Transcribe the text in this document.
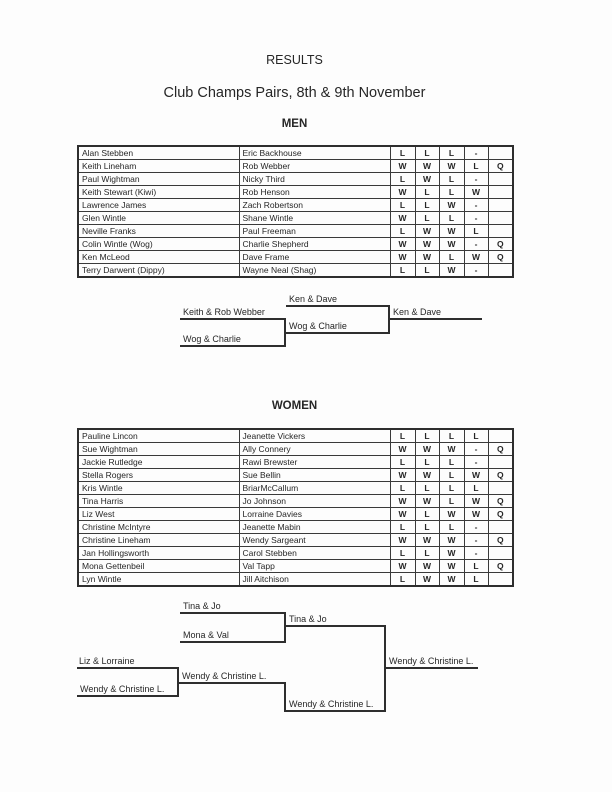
RESULTS
Club Champs Pairs, 8th & 9th November
MEN
Alan Stebben	Eric Backhouse	L	L	L	-	
Keith Lineham	Rob Webber	W	W	W	L	Q
Paul Wightman	Nicky Third	L	W	L	-	
Keith Stewart (Kiwi)	Rob Henson	W	L	L	W	
Lawrence James	Zach Robertson	L	L	W	-	
Glen Wintle	Shane Wintle	W	L	L	-	
Neville Franks	Paul Freeman	L	W	W	L	
Colin Wintle (Wog)	Charlie Shepherd	W	W	W	-	Q
Ken McLeod	Dave Frame	W	W	L	W	Q
Terry Darwent (Dippy)	Wayne Neal (Shag)	L	L	W	-	
Ken & Dave
Keith & Rob Webber	Ken & Dave
Wog & Charlie
Wog & Charlie
WOMEN
Pauline Lincon	Jeanette Vickers	L	L	L	L	
Sue Wightman	Ally Connery	W	W	W	-	Q
Jackie Rutledge	Rawi Brewster	L	L	L	-	
Stella Rogers	Sue Bellin	W	W	L	W	Q
Kris Wintle	BriarMcCallum	L	L	L	L	
Tina Harris	Jo Johnson	W	W	L	W	Q
Liz West	Lorraine Davies	W	L	W	W	Q
Christine McIntyre	Jeanette Mabin	L	L	L	-	
Christine Lineham	Wendy Sargeant	W	W	W	-	Q
Jan Hollingsworth	Carol Stebben	L	L	W	-	
Mona Gettenbeil	Val Tapp	W	W	W	L	Q
Lyn Wintle	Jill Aitchison	L	W	W	L	
Tina & Jo
Mona & Val
Tina & Jo
Liz & Lorraine
Wendy & Christine L.
Wendy & Christine L.
Wendy & Christine L.
Wendy & Christine L.
